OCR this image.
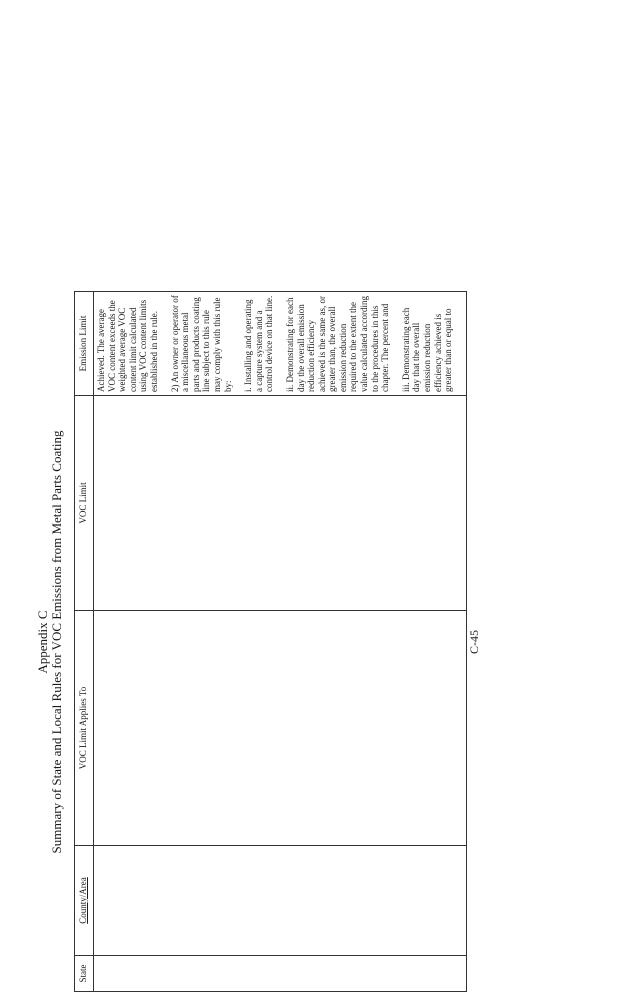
Appendix C Summary of State and Local Rules for VOC Emissions from Metal Parts Coating
State	County/Area	VOC Limit Applies To	VOC Limit	Emission Limit

				Achieved. The average VOC content exceeds the weighted average VOC content limit calculated using VOC content limits established in the rule. 2) An owner or operator of a miscellaneous metal parts and products coating line subject to this rule may comply with this rule by: i. Installing and operating a capture system and a control device on that line. ii. Demonstrating for each day the overall emission reduction efficiency achieved is the same as, or greater than, the overall emission reduction required to the extent the value calculated according to the procedures in this chapter. The percent and iii. Demonstrating each day that the overall emission reduction efficiency achieved is greater than or equal to

C-45
